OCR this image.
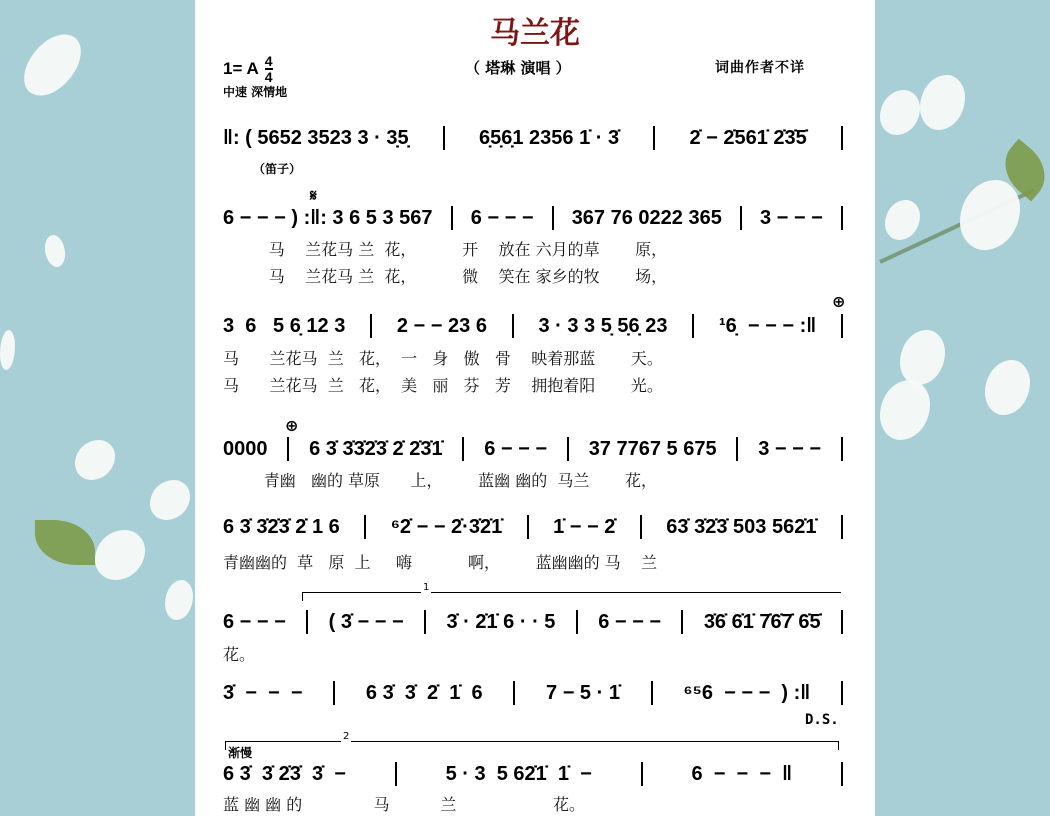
马兰花
1= A $\frac{4}{4}$
中速 深情地
（ 塔琳 演唱 ）	词曲作者不详
（笛子）
𝄋
⊕
⊕
1
2
渐慢
D.S.
‖: ( 5652 3523 3 · 3̣5̣	6̣5̣6̣1 2356 1̇ · 3̇	2̇ − 2̇561̇ 2̇3̇5̇
6 − − − ) :‖: 3 6 5 3 567 6 − − − 367 76 0222 365 3 − − −
马    兰花马 兰  花，         开    放在 六月的草       原，
马    兰花马 兰  花，         微    笑在 家乡的牧       场，
3  6   5 6̣ 12 3	2 − − 23 6	3 · 3 3 5̣ 5̣6̣ 23	¹6̣  − − − :‖
马      兰花马  兰   花，  一   身   傲   骨    映着那蓝       天。
马      兰花马  兰   花，  美   丽   芬   芳    拥抱着阳       光。
0000 6 3̇ 3̇3̇2̇3̇ 2̇ 2̇3̇1̇ 6 − − − 37 7767 5 675 3 − − −
青幽   幽的 草原      上，       蓝幽 幽的  马兰       花，
6 3̇ 3̇2̇3̇ 2̇ 1 6	⁶2̇ − − 2̇·3̇2̇1̇	1̇ − − 2̇	63̇ 3̇2̇3̇ 503 562̇1̇
青幽幽的  草   原  上     嗨           啊，       蓝幽幽的 马    兰
6 − − − ( 3̇ − − − 3̇ · 2̇1̇ 6 · · 5 6 − − − 3̇6̇ 6̇1̇ 7̇6̇7̇ 6̇5̇
花。
3̇  −  −  −	6 3̇  3̇  2̇  1̇  6	7 − 5 · 1̇	⁶⁵6  − − −  ) :‖
6 3̇  3̇ 2̇3̇  3̇  −	5 · 3  5 62̇1̇  1̇  −	6  −  −  −  ‖
蓝 幽 幽 的              马          兰                   花。
